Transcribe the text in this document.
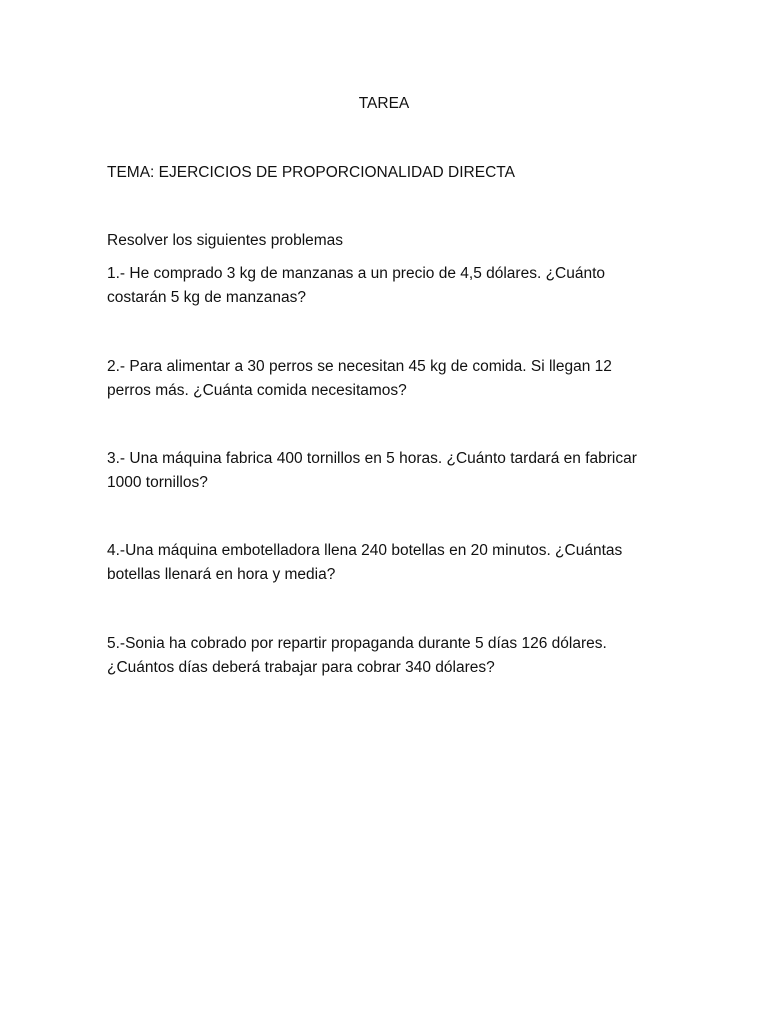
TAREA
TEMA: EJERCICIOS DE PROPORCIONALIDAD DIRECTA
Resolver los siguientes problemas
1.- He comprado 3 kg de manzanas a un precio de 4,5 dólares. ¿Cuánto
costarán 5 kg de manzanas?
2.- Para alimentar a 30 perros se necesitan 45 kg de comida. Si llegan 12
perros más. ¿Cuánta comida necesitamos?
3.- Una máquina fabrica 400 tornillos en 5 horas. ¿Cuánto tardará en fabricar
1000 tornillos?
4.-Una máquina embotelladora llena 240 botellas en 20 minutos. ¿Cuántas
botellas llenará en hora y media?
5.-Sonia ha cobrado por repartir propaganda durante 5 días 126 dólares.
¿Cuántos días deberá trabajar para cobrar 340 dólares?
